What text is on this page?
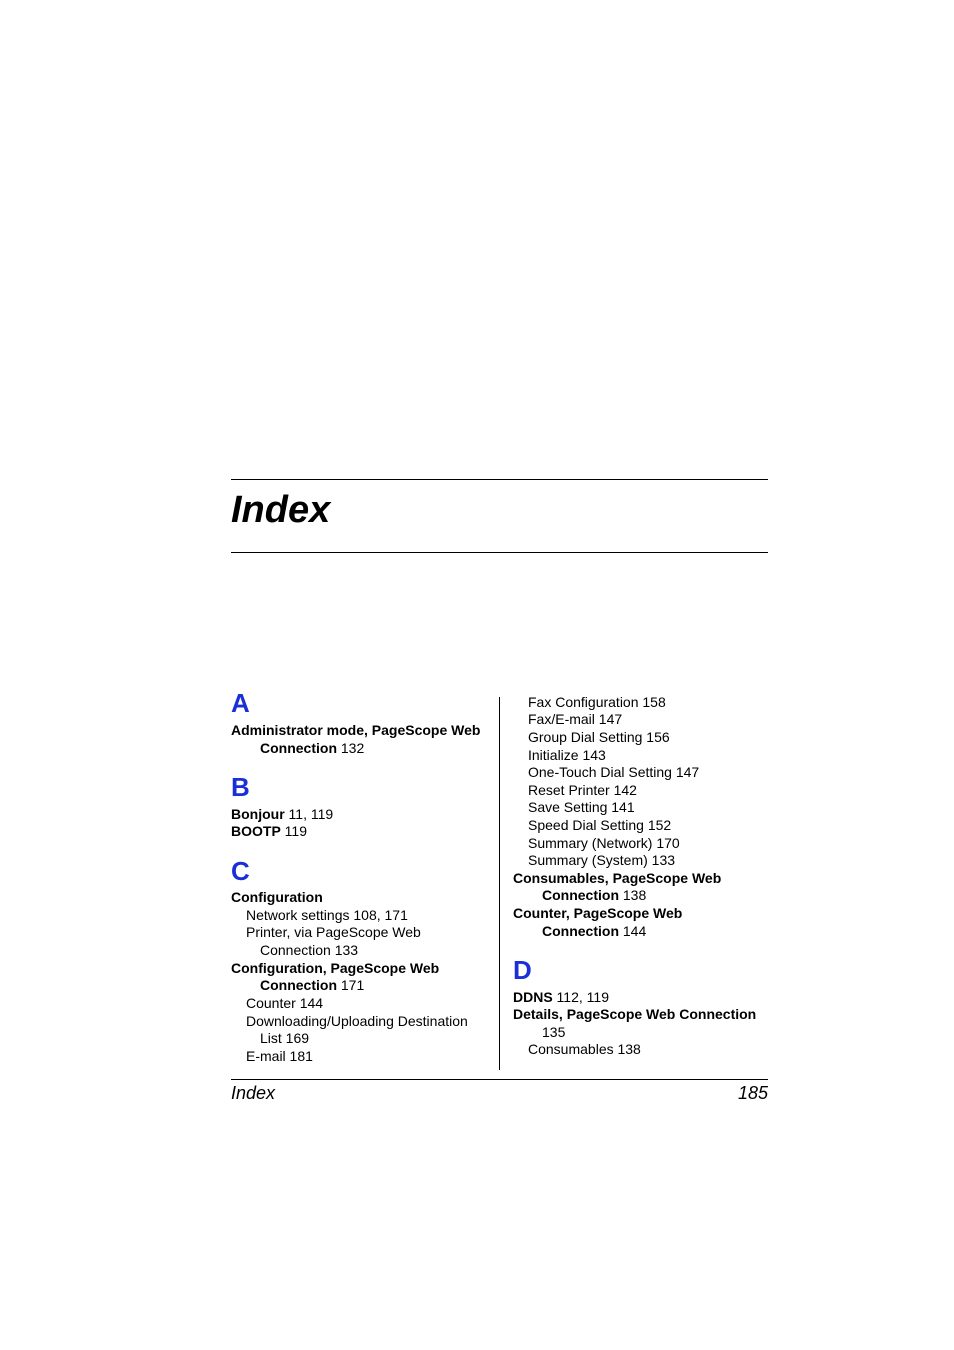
Index
A
Administrator mode, PageScope Web
Connection 132
B
Bonjour 11, 119
BOOTP 119
C
Configuration
Network settings 108, 171
Printer, via PageScope Web
Connection 133
Configuration, PageScope Web
Connection 171
Counter 144
Downloading/Uploading Destination
List 169
E-mail 181
Fax Configuration 158
Fax/E-mail 147
Group Dial Setting 156
Initialize 143
One-Touch Dial Setting 147
Reset Printer 142
Save Setting 141
Speed Dial Setting 152
Summary (Network) 170
Summary (System) 133
Consumables, PageScope Web
Connection 138
Counter, PageScope Web
Connection 144
D
DDNS 112, 119
Details, PageScope Web Connection
135
Consumables 138
Index	185
